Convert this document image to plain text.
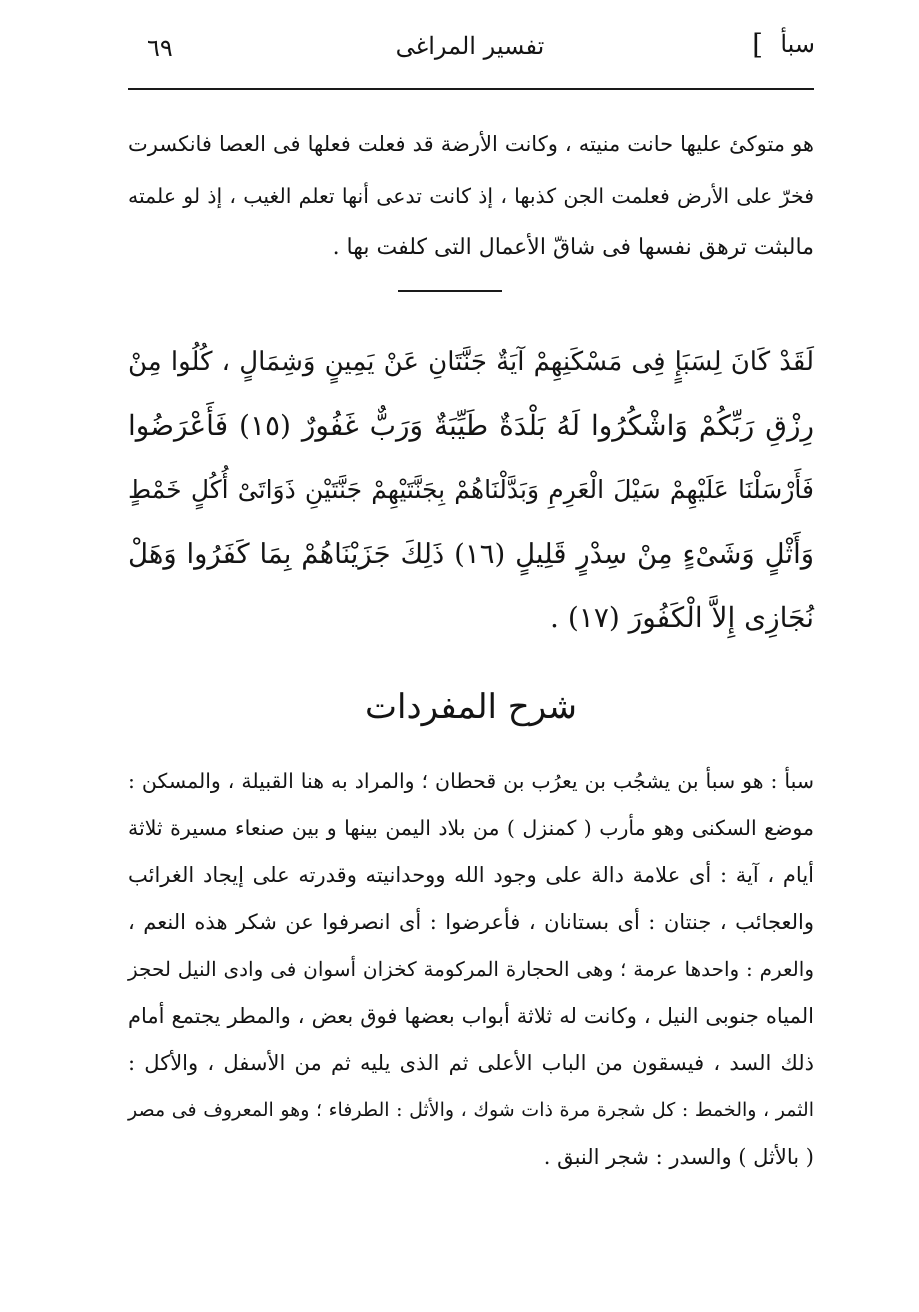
سبأ
]
تفسير المراغى
٦٩
هو متوكئ عليها حانت منيته ، وكانت الأرضة قد فعلت فعلها فى العصا فانكسرت
فخرّ على الأرض فعلمت الجن كذبها ، إذ كانت تدعى أنها تعلم الغيب ، إذ لو علمته
مالبثت ترهق نفسها فى شاقّ الأعمال التى كلفت بها .
لَقَدْ كَانَ لِسَبَإٍ فِى مَسْكَنِهِمْ آيَةٌ جَنَّتَانِ عَنْ يَمِينٍ وَشِمَالٍ ، كُلُوا مِنْ
رِزْقِ رَبِّكُمْ وَاشْكُرُوا لَهُ بَلْدَةٌ طَيِّبَةٌ وَرَبٌّ غَفُورٌ (١٥) فَأَعْرَضُوا
فَأَرْسَلْنَا عَلَيْهِمْ سَيْلَ الْعَرِمِ وَبَدَّلْنَاهُمْ بِجَنَّتَيْهِمْ جَنَّتَيْنِ ذَوَاتَىْ أُكُلٍ خَمْطٍ
وَأَثْلٍ وَشَىْءٍ مِنْ سِدْرٍ قَلِيلٍ (١٦) ذَلِكَ جَزَيْنَاهُمْ بِمَا كَفَرُوا وَهَلْ
نُجَازِى إِلاَّ الْكَفُورَ (١٧) .
شرح المفردات
سبأ : هو سبأ بن يشجُب بن يعرُب بن قحطان ؛ والمراد به هنا القبيلة ، والمسكن :
موضع السكنى وهو مأرب ( كمنزل ) من بلاد اليمن بينها و بين صنعاء مسيرة ثلاثة
أيام ، آية : أى علامة دالة على وجود الله ووحدانيته وقدرته على إيجاد الغرائب
والعجائب ، جنتان : أى بستانان ، فأعرضوا : أى انصرفوا عن شكر هذه النعم ،
والعرم : واحدها عرمة ؛ وهى الحجارة المركومة كخزان أسوان فى وادى النيل لحجز
المياه جنوبى النيل ، وكانت له ثلاثة أبواب بعضها فوق بعض ، والمطر يجتمع أمام
ذلك السد ، فيسقون من الباب الأعلى ثم الذى يليه ثم من الأسفل ، والأكل :
الثمر ، والخمط : كل شجرة مرة ذات شوك ، والأثل : الطرفاء ؛ وهو المعروف فى مصر
( بالأثل ) والسدر : شجر النبق .
